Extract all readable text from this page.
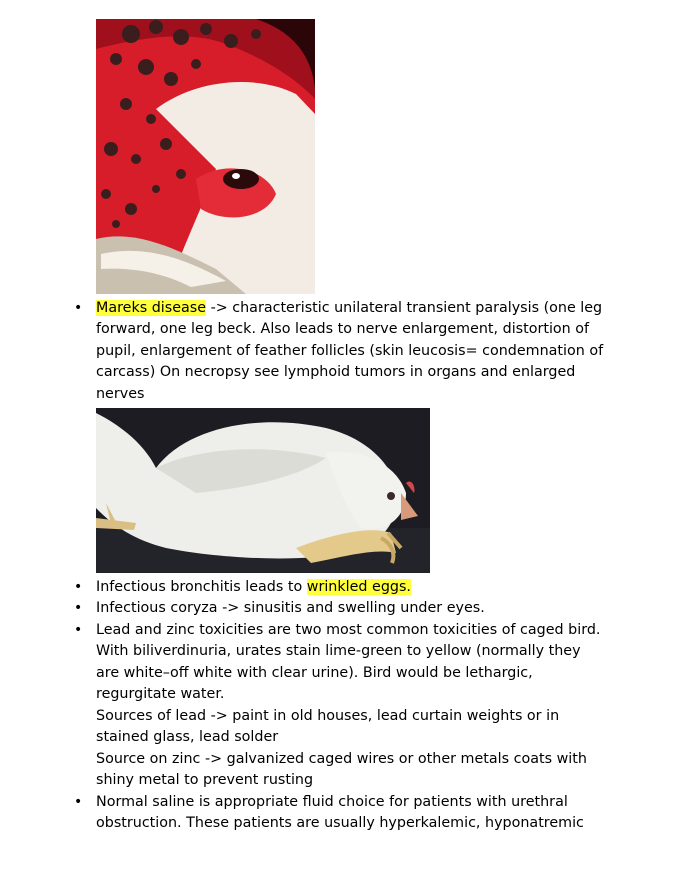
• Mareks disease -> characteristic unilateral transient paralysis (one leg
forward, one leg beck. Also leads to nerve enlargement, distortion of
pupil, enlargement of feather follicles (skin leucosis= condemnation of
carcass) On necropsy see lymphoid tumors in organs and enlarged
nerves
• Infectious bronchitis leads to wrinkled eggs.
• Infectious coryza -> sinusitis and swelling under eyes.
• Lead and zinc toxicities are two most common toxicities of caged bird.
With biliverdinuria, urates stain lime-green to yellow (normally they
are white–off white with clear urine). Bird would be lethargic,
regurgitate water.
Sources of lead -> paint in old houses, lead curtain weights or in
stained glass, lead solder
Source on zinc -> galvanized caged wires or other metals coats with
shiny metal to prevent rusting
• Normal saline is appropriate fluid choice for patients with urethral
obstruction. These patients are usually hyperkalemic, hyponatremic
